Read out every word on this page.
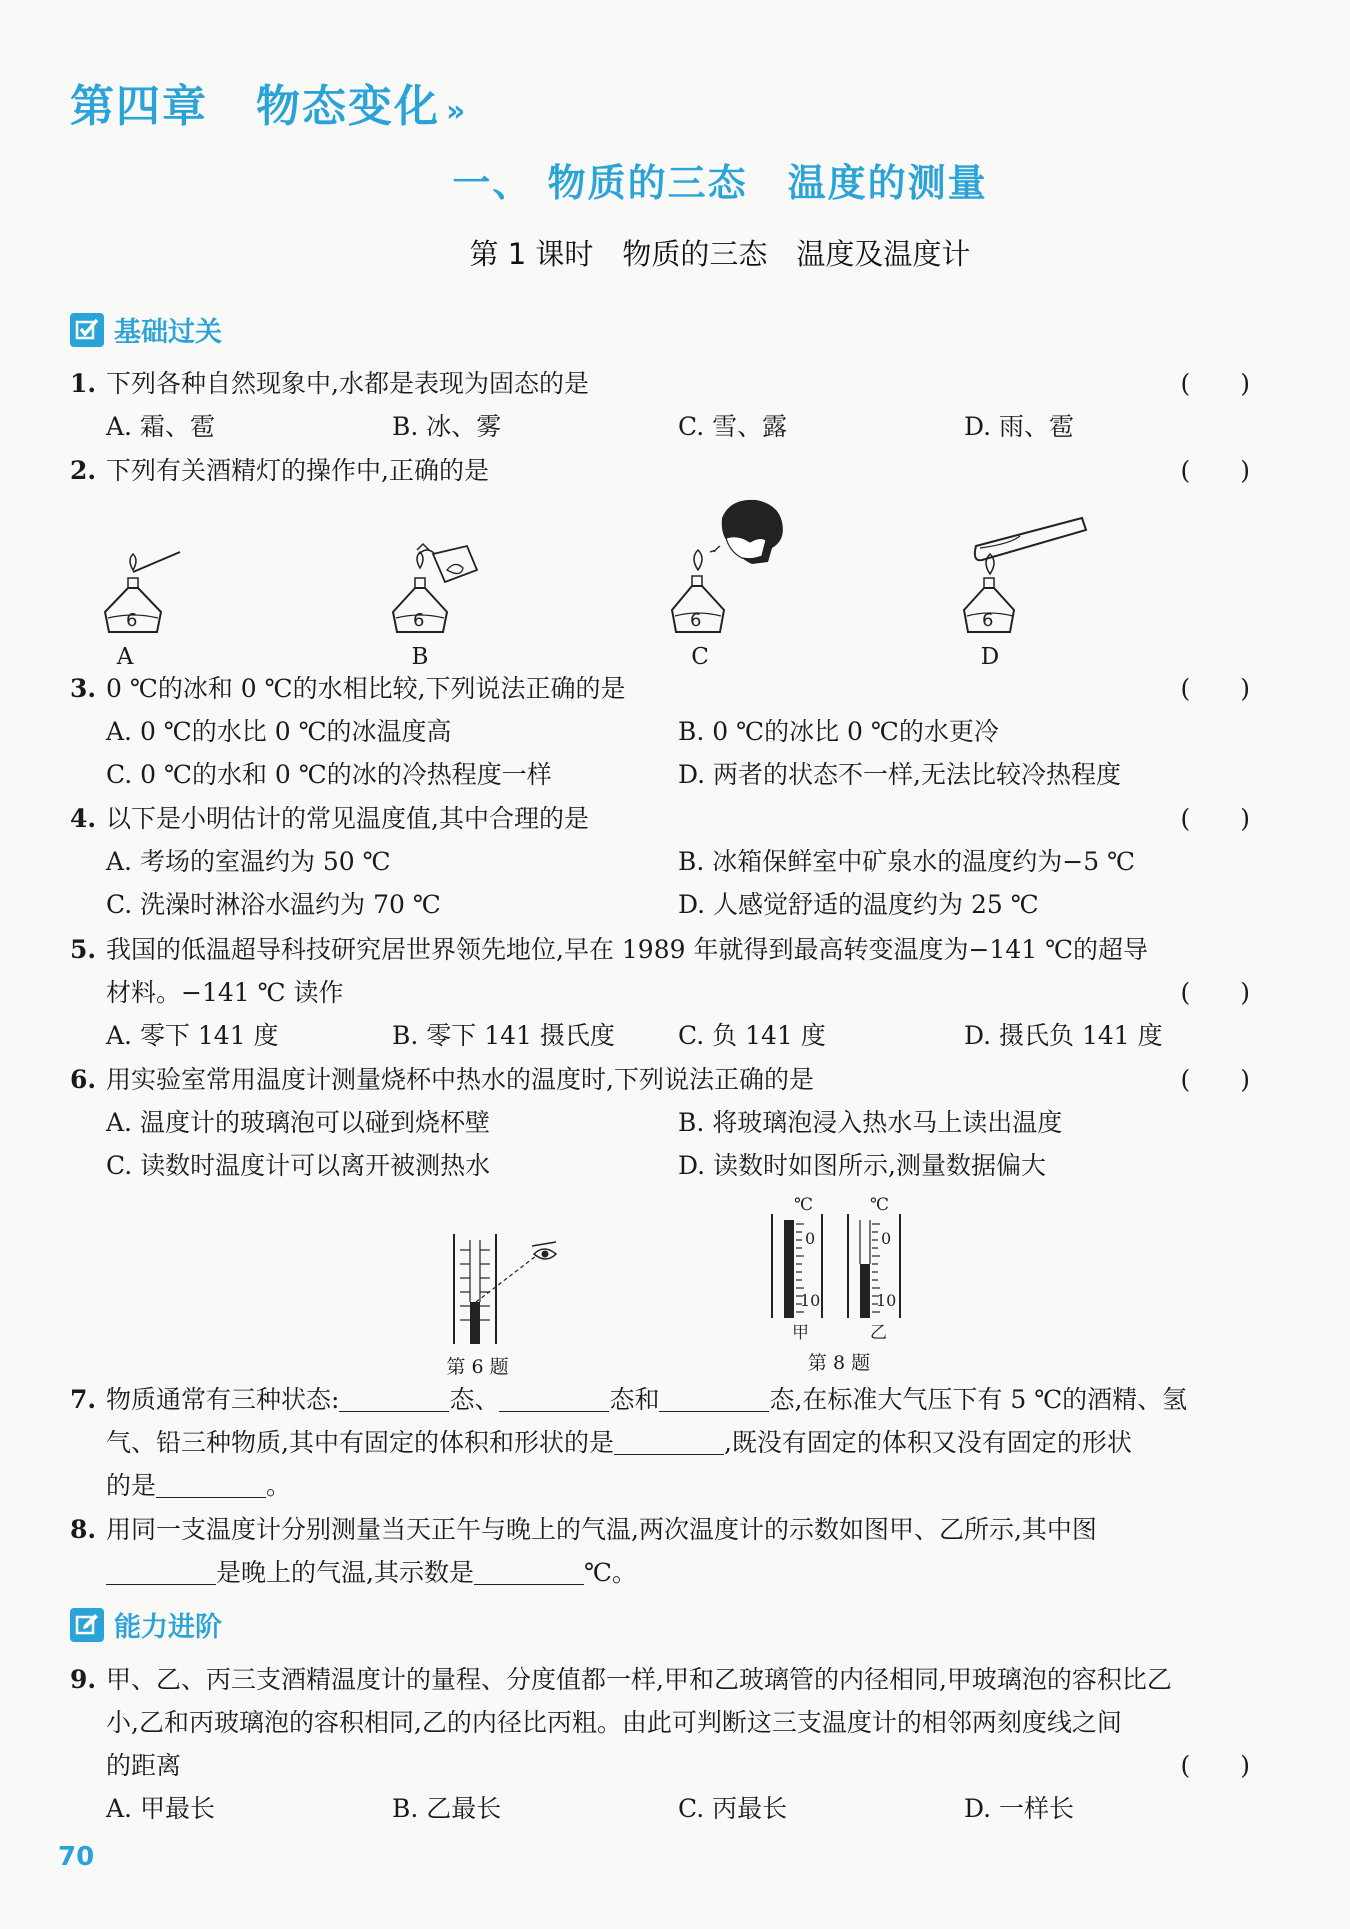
第四章 物态变化 »
一、 物质的三态　温度的测量
第 1 课时　物质的三态　温度及温度计
基础过关
1. 下列各种自然现象中,水都是表现为固态的是	(　　)
A. 霜、雹	B. 冰、雾	C. 雪、露	D. 雨、雹
2. 下列有关酒精灯的操作中,正确的是	(　　)
6
A
6
B
6
C
6
D
3. 0 ℃的冰和 0 ℃的水相比较,下列说法正确的是	(　　)
A. 0 ℃的水比 0 ℃的冰温度高	B. 0 ℃的冰比 0 ℃的水更冷
C. 0 ℃的水和 0 ℃的冰的冷热程度一样	D. 两者的状态不一样,无法比较冷热程度
4. 以下是小明估计的常见温度值,其中合理的是	(　　)
A. 考场的室温约为 50 ℃	B. 冰箱保鲜室中矿泉水的温度约为−5 ℃
C. 洗澡时淋浴水温约为 70 ℃	D. 人感觉舒适的温度约为 25 ℃
5. 我国的低温超导科技研究居世界领先地位,早在 1989 年就得到最高转变温度为−141 ℃的超导
材料。−141 ℃ 读作	(　　)
A. 零下 141 度	B. 零下 141 摄氏度	C. 负 141 度	D. 摄氏负 141 度
6. 用实验室常用温度计测量烧杯中热水的温度时,下列说法正确的是	(　　)
A. 温度计的玻璃泡可以碰到烧杯壁	B. 将玻璃泡浸入热水马上读出温度
C. 读数时温度计可以离开被测热水	D. 读数时如图所示,测量数据偏大
第 6 题
℃	℃
0
10
0
10
甲	乙
第 8 题
7. 物质通常有三种状态:	态、	态和	态,在标准大气压下有 5 ℃的酒精、氢
气、铅三种物质,其中有固定的体积和形状的是	,既没有固定的体积又没有固定的形状
的是	。
8. 用同一支温度计分别测量当天正午与晚上的气温,两次温度计的示数如图甲、乙所示,其中图
是晚上的气温,其示数是	℃。
能力进阶
9. 甲、乙、丙三支酒精温度计的量程、分度值都一样,甲和乙玻璃管的内径相同,甲玻璃泡的容积比乙
小,乙和丙玻璃泡的容积相同,乙的内径比丙粗。由此可判断这三支温度计的相邻两刻度线之间
的距离	(　　)
A. 甲最长	B. 乙最长	C. 丙最长	D. 一样长
70
